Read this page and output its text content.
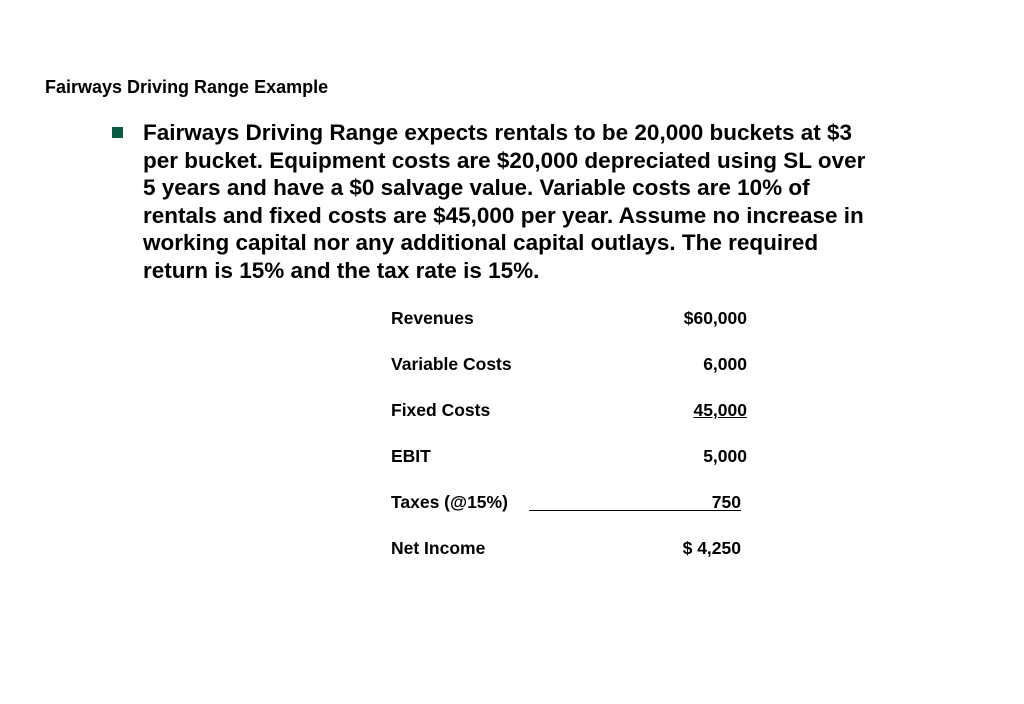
Fairways Driving Range Example
Fairways Driving Range expects rentals to be 20,000 buckets at $3
per bucket. Equipment costs are $20,000 depreciated using SL over
5 years and have a $0 salvage value. Variable costs are 10% of
rentals and fixed costs are $45,000 per year. Assume no increase in
working capital nor any additional capital outlays. The required
return is 15% and the tax rate is 15%.
Revenues	$60,000
Variable Costs	6,000
Fixed Costs	45,000
EBIT	5,000
Taxes (@15%)	750
Net Income	$ 4,250
